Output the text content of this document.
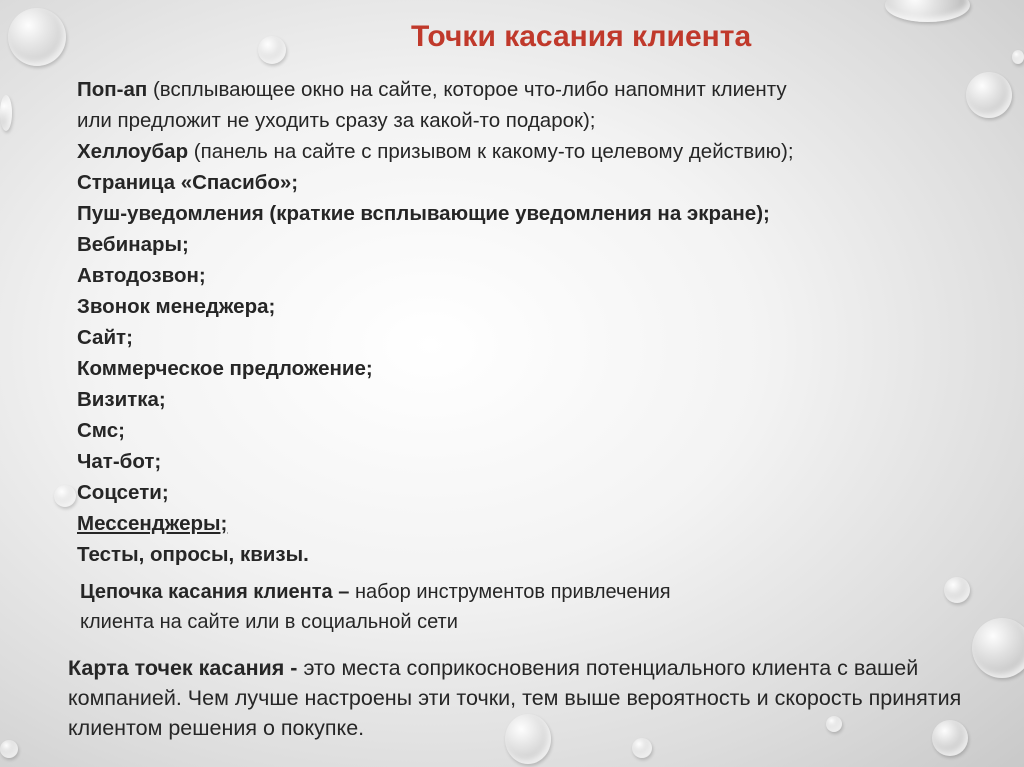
Точки касания клиента
Поп-ап (всплывающее окно на сайте, которое что-либо напомнит клиенту
или предложит не уходить сразу за какой-то подарок);
Хеллоубар (панель на сайте с призывом к какому-то целевому действию);
Страница «Спасибо»;
Пуш-уведомления (краткие всплывающие уведомления на экране);
Вебинары;
Автодозвон;
Звонок менеджера;
Сайт;
Коммерческое предложение;
Визитка;
Смс;
Чат-бот;
Соцсети;
Мессенджеры;
Тесты, опросы, квизы.
Цепочка касания клиента – набор инструментов привлечения
клиента на сайте или в социальной сети
Карта точек касания - это места соприкосновения потенциального клиента с вашей компанией. Чем лучше настроены эти точки, тем выше вероятность и скорость принятия клиентом решения о покупке.
